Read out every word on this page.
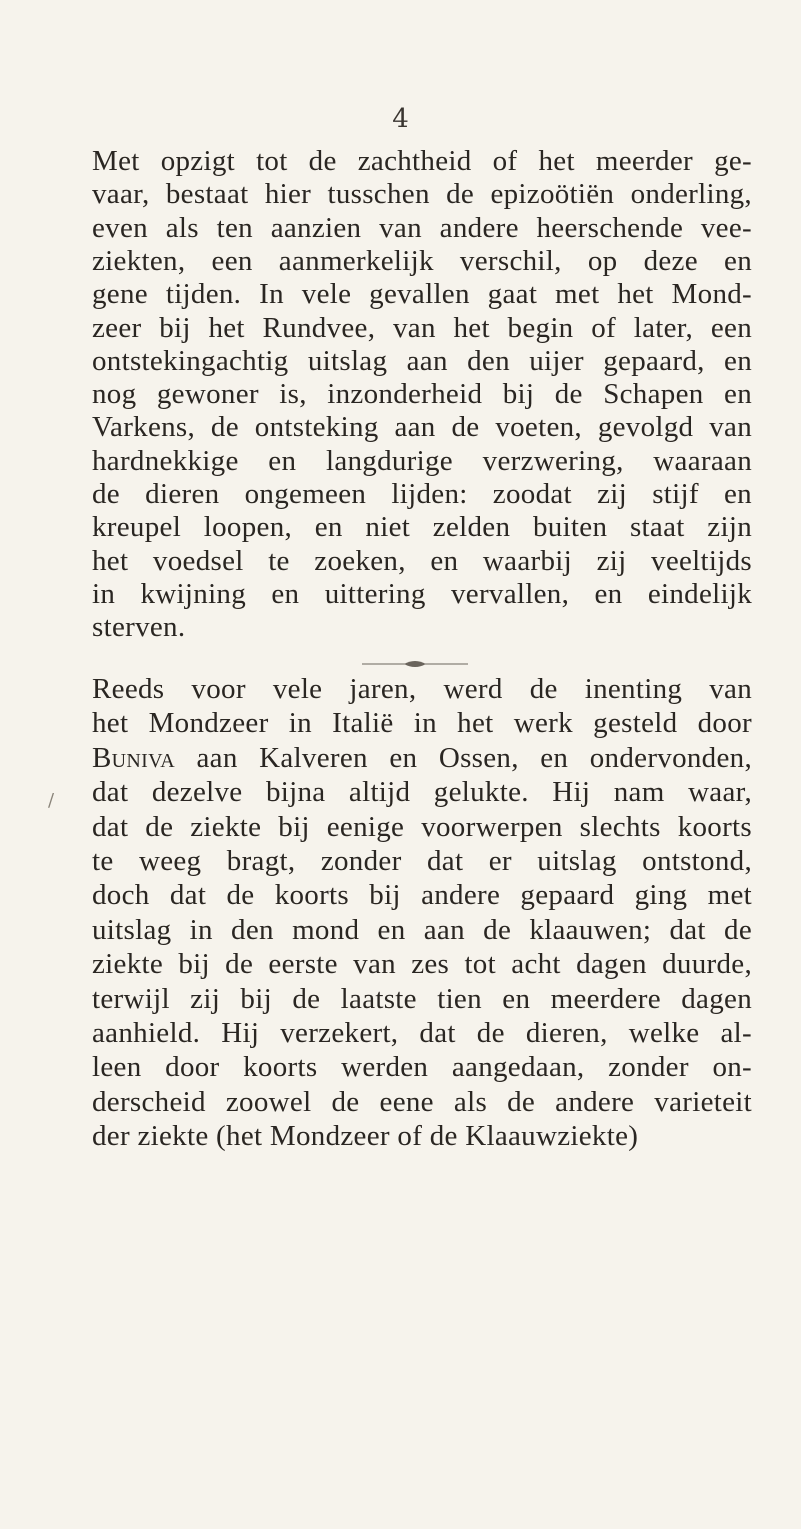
4
Met opzigt tot de zachtheid of het meerder ge-
vaar, bestaat hier tusschen de epizoötiën onderling,
even als ten aanzien van andere heerschende vee-
ziekten, een aanmerkelijk verschil, op deze en
gene tijden. In vele gevallen gaat met het Mond-
zeer bij het Rundvee, van het begin of later, een
ontstekingachtig uitslag aan den uijer gepaard, en
nog gewoner is, inzonderheid bij de Schapen en
Varkens, de ontsteking aan de voeten, gevolgd van
hardnekkige en langdurige verzwering, waaraan
de dieren ongemeen lijden: zoodat zij stijf en
kreupel loopen, en niet zelden buiten staat zijn
het voedsel te zoeken, en waarbij zij veeltijds
in kwijning en uittering vervallen, en eindelijk
sterven.
/
Reeds voor vele jaren, werd de inenting van
het Mondzeer in Italië in het werk gesteld door
Buniva aan Kalveren en Ossen, en ondervonden,
dat dezelve bijna altijd gelukte. Hij nam waar,
dat de ziekte bij eenige voorwerpen slechts koorts
te weeg bragt, zonder dat er uitslag ontstond,
doch dat de koorts bij andere gepaard ging met
uitslag in den mond en aan de klaauwen; dat de
ziekte bij de eerste van zes tot acht dagen duurde,
terwijl zij bij de laatste tien en meerdere dagen
aanhield. Hij verzekert, dat de dieren, welke al-
leen door koorts werden aangedaan, zonder on-
derscheid zoowel de eene als de andere varieteit
der ziekte (het Mondzeer of de Klaauwziekte)
